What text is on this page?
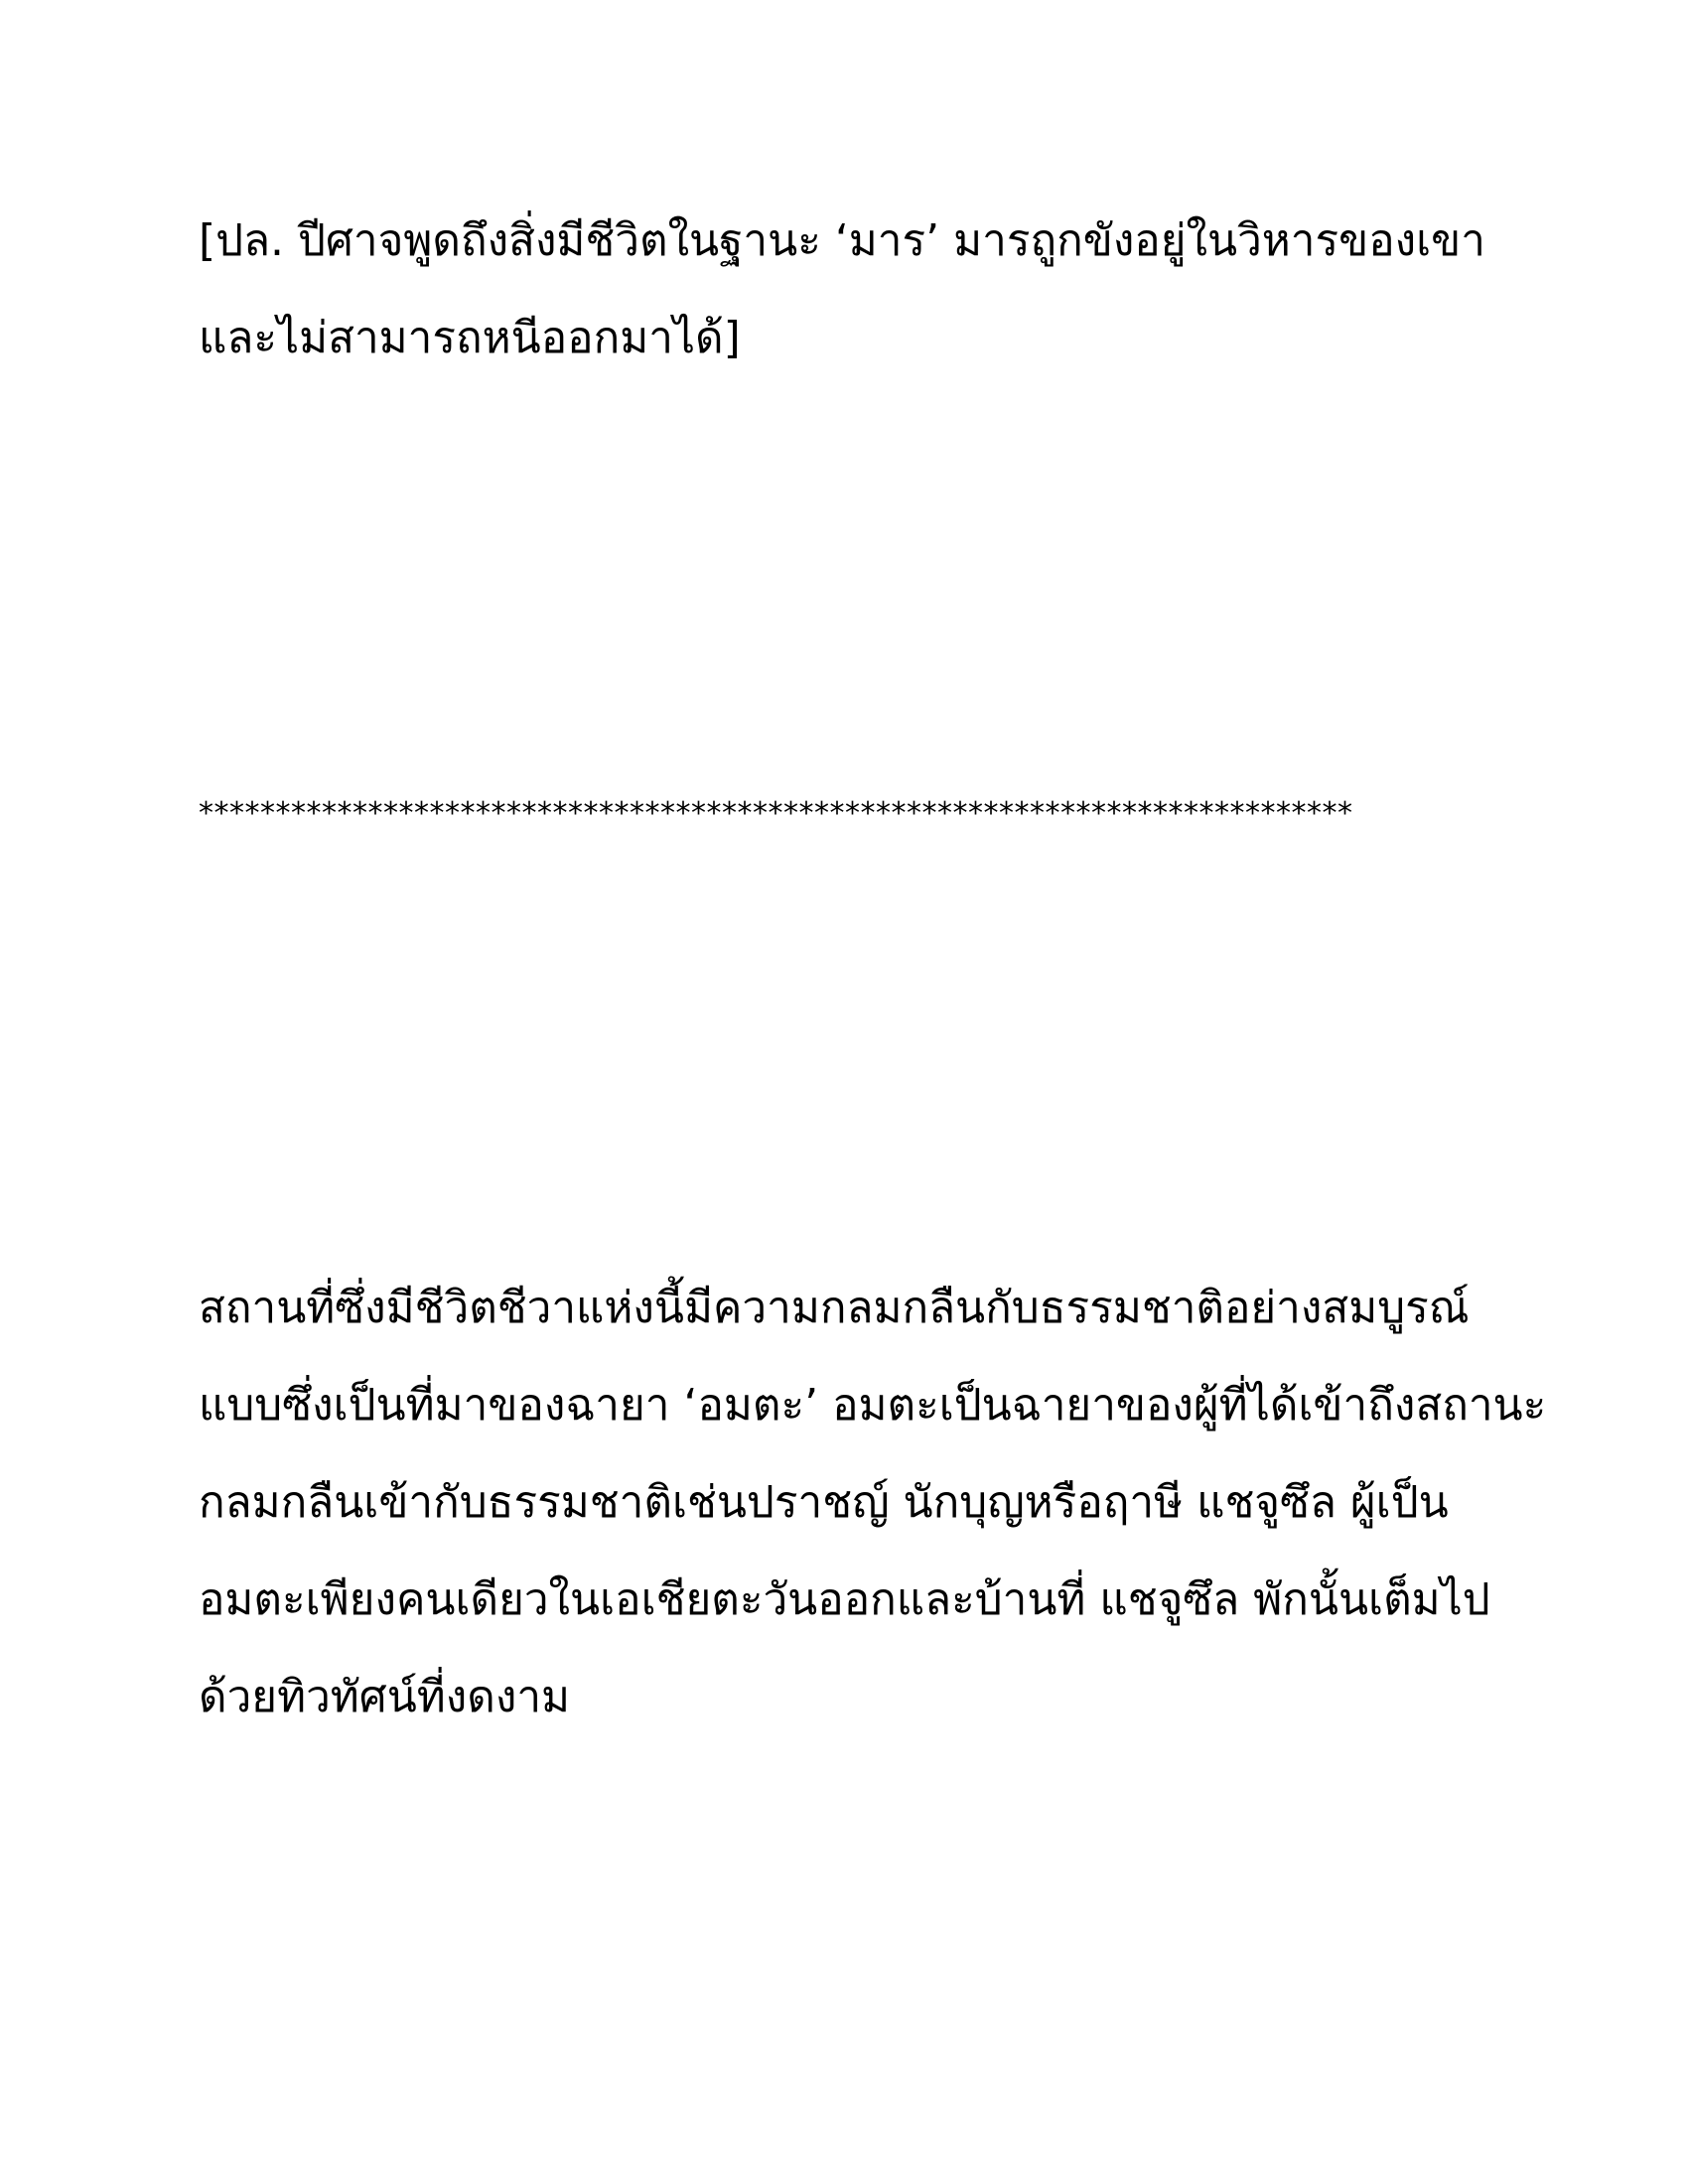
[ปล. ปีศาจพูดถึงสิ่งมีชีวิตในฐานะ ‘มาร’ มารถูกขังอยู่ในวิหารของเขา

และไม่สามารถหนีออกมาได้]

***************************************************************************

สถานที่ซึ่งมีชีวิตชีวาแห่งนี้มีความกลมกลืนกับธรรมชาติอย่างสมบูรณ์

แบบซึ่งเป็นที่มาของฉายา ‘อมตะ’ อมตะเป็นฉายาของผู้ที่ได้เข้าถึงสถานะ

กลมกลืนเข้ากับธรรมชาติเช่นปราชญ์ นักบุญหรือฤาษี แชจูซึล ผู้เป็น

อมตะเพียงคนเดียวในเอเชียตะวันออกและบ้านที่ แชจูซึล พักนั้นเต็มไป

ด้วยทิวทัศน์ที่งดงาม
